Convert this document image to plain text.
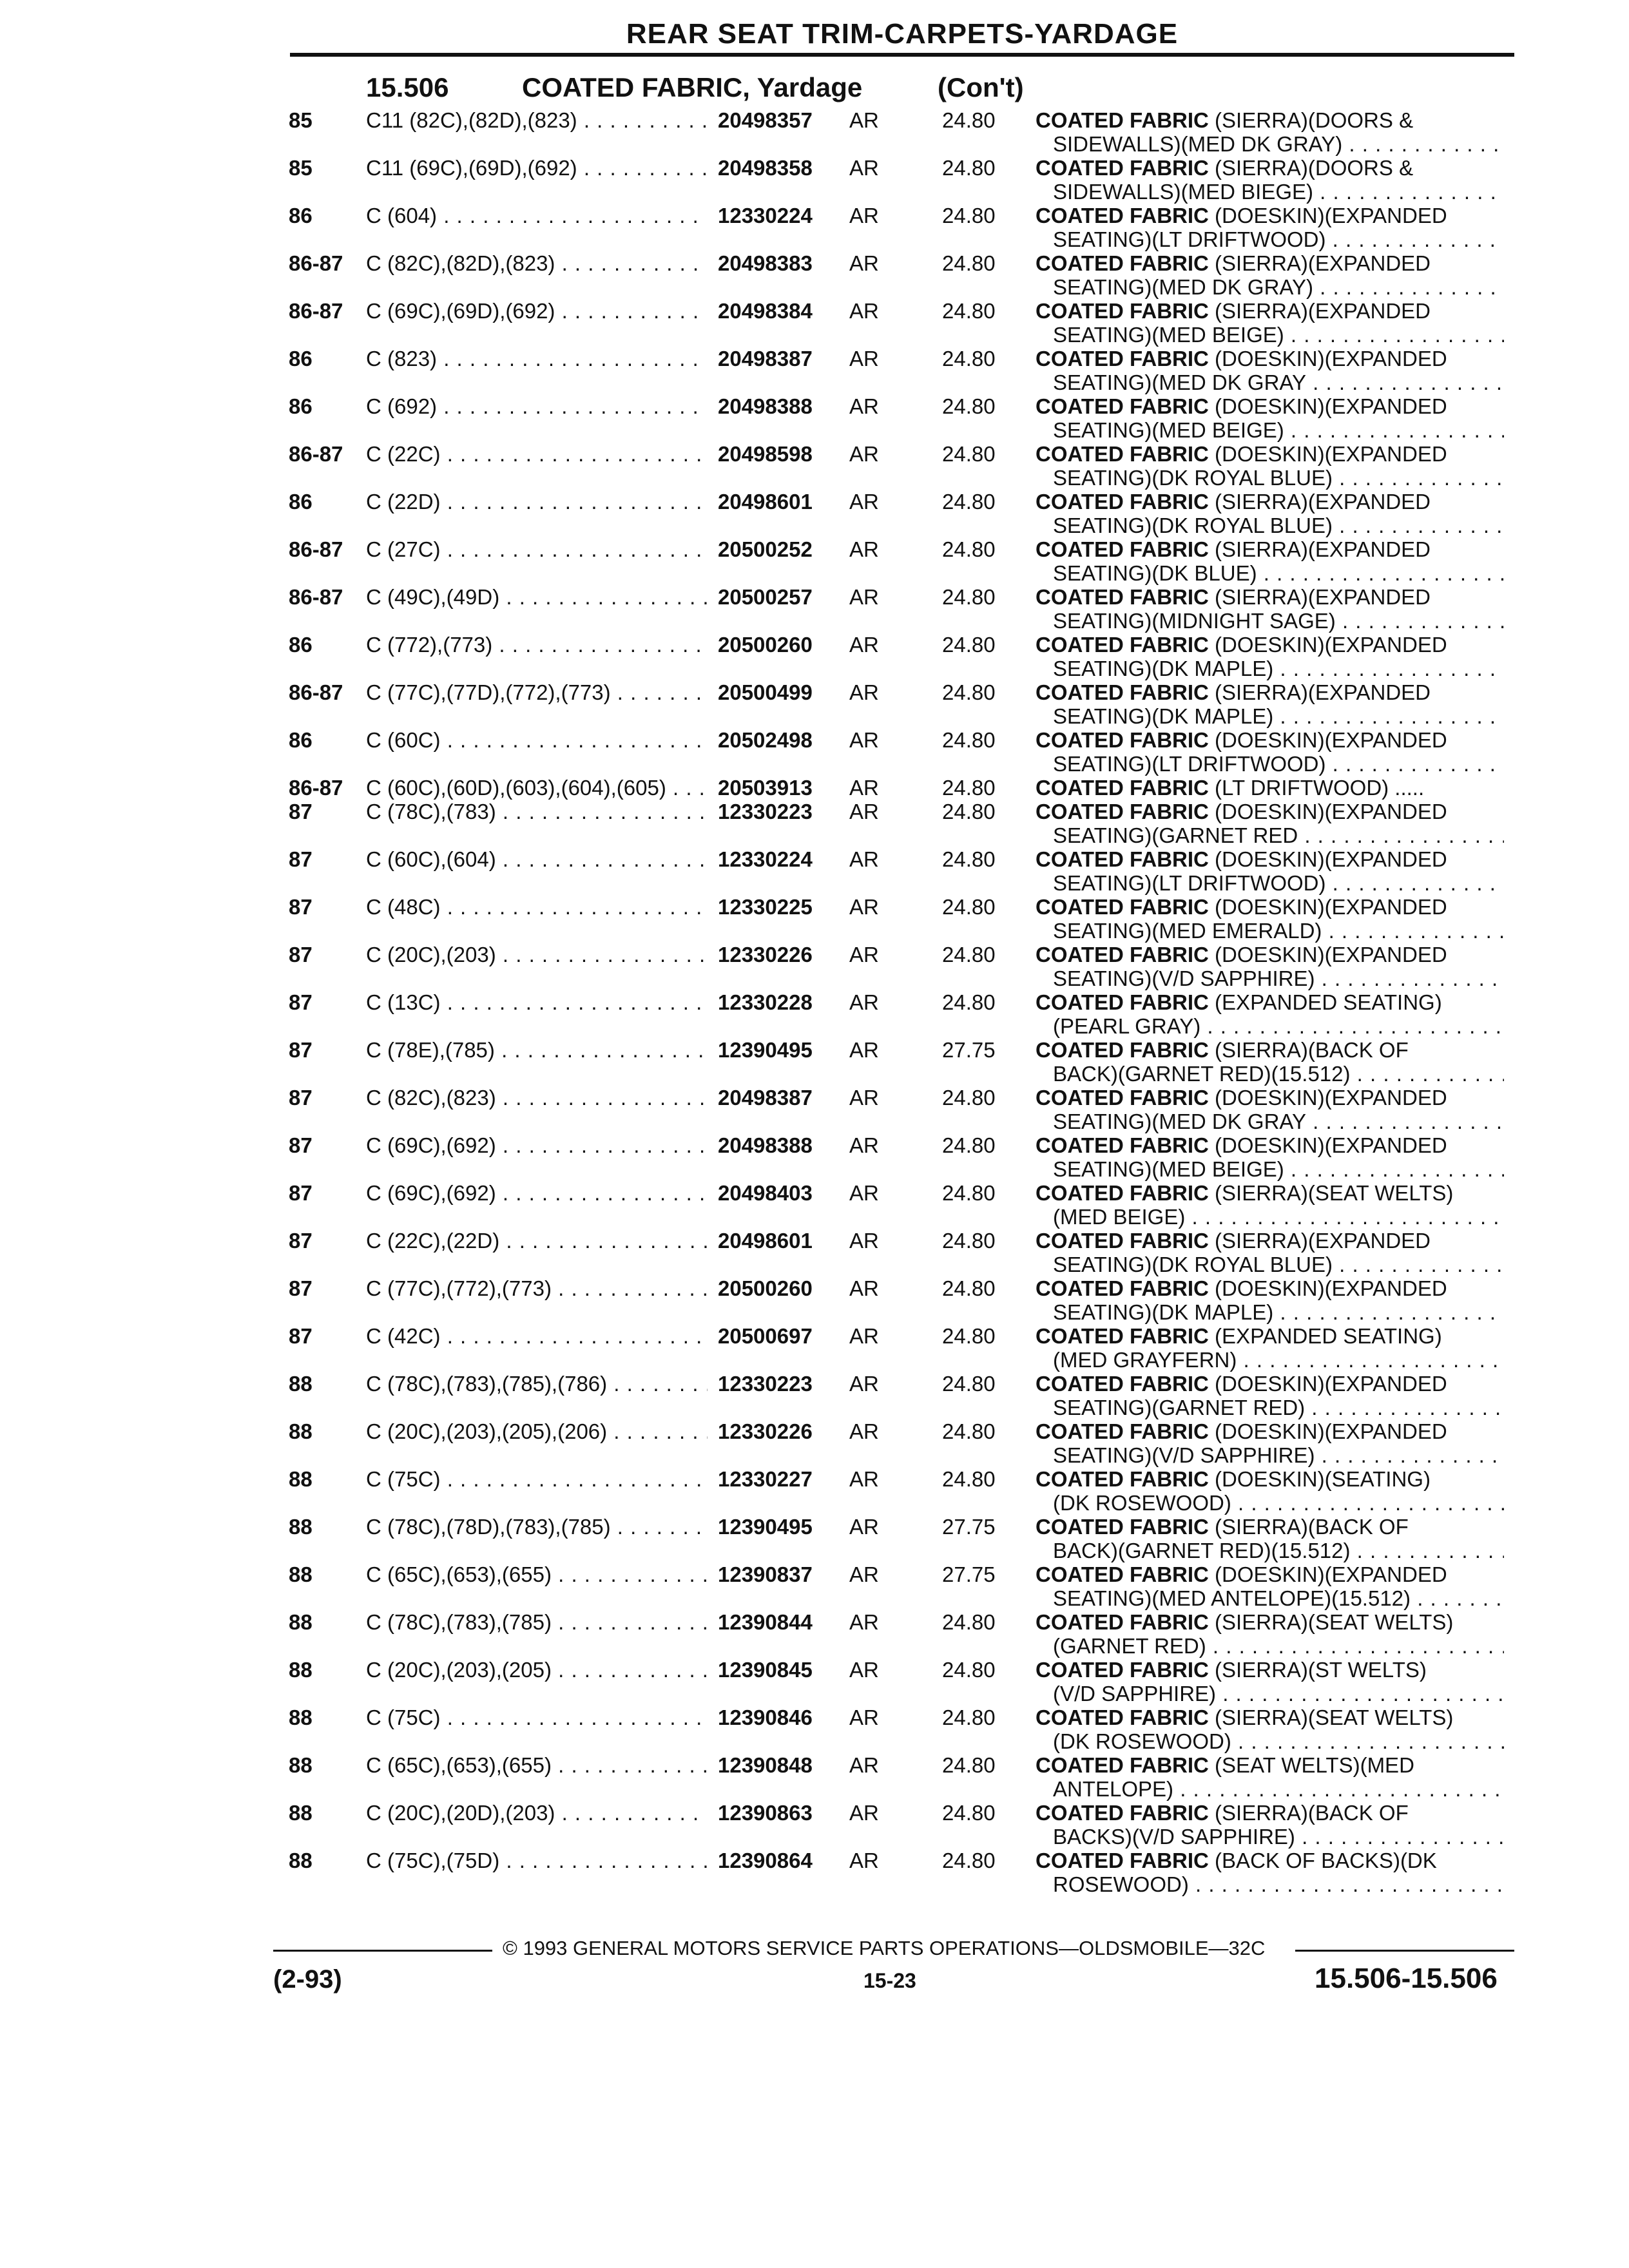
REAR SEAT TRIM-CARPETS-YARDAGE
15.506	COATED FABRIC, Yardage	(Con't)
85	C11 (82C),(82D),(823) . . .	20498357 AR	24.80 COATED FABRIC (SIERRA)(DOORS &
SIDEWALLS)(MED DK GRAY) . . .
85	C11 (69C),(69D),(692) . . .	20498358 AR	24.80 COATED FABRIC (SIERRA)(DOORS &
SIDEWALLS)(MED BIEGE) . . .
86	C (604) . . .	12330224 AR	24.80 COATED FABRIC (DOESKIN)(EXPANDED
SEATING)(LT DRIFTWOOD) . . .
86-87	C (82C),(82D),(823) . . .	20498383 AR	24.80 COATED FABRIC (SIERRA)(EXPANDED
SEATING)(MED DK GRAY) . . .
86-87	C (69C),(69D),(692) . . .	20498384 AR	24.80 COATED FABRIC (SIERRA)(EXPANDED
SEATING)(MED BEIGE) . . .
86	C (823) . . .	20498387 AR	24.80 COATED FABRIC (DOESKIN)(EXPANDED
SEATING)(MED DK GRAY . . .
86	C (692) . . .	20498388 AR	24.80 COATED FABRIC (DOESKIN)(EXPANDED
SEATING)(MED BEIGE) . . .
86-87	C (22C) . . .	20498598 AR	24.80 COATED FABRIC (DOESKIN)(EXPANDED
SEATING)(DK ROYAL BLUE) . . .
86	C (22D) . . .	20498601 AR	24.80 COATED FABRIC (SIERRA)(EXPANDED
SEATING)(DK ROYAL BLUE) . . .
86-87	C (27C) . . .	20500252 AR	24.80 COATED FABRIC (SIERRA)(EXPANDED
SEATING)(DK BLUE) . . .
86-87	C (49C),(49D) . . .	20500257 AR	24.80 COATED FABRIC (SIERRA)(EXPANDED
SEATING)(MIDNIGHT SAGE) . . .
86	C (772),(773) . . .	20500260 AR	24.80 COATED FABRIC (DOESKIN)(EXPANDED
SEATING)(DK MAPLE) . . .
86-87	C (77C),(77D),(772),(773) . . .	20500499 AR	24.80 COATED FABRIC (SIERRA)(EXPANDED
SEATING)(DK MAPLE) . . .
86	C (60C) . . .	20502498 AR	24.80 COATED FABRIC (DOESKIN)(EXPANDED
SEATING)(LT DRIFTWOOD) . . .
86-87	C (60C),(60D),(603),(604),(605) . . .	20503913 AR	24.80 COATED FABRIC (LT DRIFTWOOD) .....
87	C (78C),(783) . . .	12330223 AR	24.80 COATED FABRIC (DOESKIN)(EXPANDED
SEATING)(GARNET RED . . .
87	C (60C),(604) . . .	12330224 AR	24.80 COATED FABRIC (DOESKIN)(EXPANDED
SEATING)(LT DRIFTWOOD) . . .
87	C (48C) . . .	12330225 AR	24.80 COATED FABRIC (DOESKIN)(EXPANDED
SEATING)(MED EMERALD) . . .
87	C (20C),(203) . . .	12330226 AR	24.80 COATED FABRIC (DOESKIN)(EXPANDED
SEATING)(V/D SAPPHIRE) . . .
87	C (13C) . . .	12330228 AR	24.80 COATED FABRIC (EXPANDED SEATING)
(PEARL GRAY) . . .
87	C (78E),(785) . . .	12390495 AR	27.75 COATED FABRIC (SIERRA)(BACK OF
BACK)(GARNET RED)(15.512) . . .
87	C (82C),(823) . . .	20498387 AR	24.80 COATED FABRIC (DOESKIN)(EXPANDED
SEATING)(MED DK GRAY . . .
87	C (69C),(692) . . .	20498388 AR	24.80 COATED FABRIC (DOESKIN)(EXPANDED
SEATING)(MED BEIGE) . . .
87	C (69C),(692) . . .	20498403 AR	24.80 COATED FABRIC (SIERRA)(SEAT WELTS)
(MED BEIGE) . . .
87	C (22C),(22D) . . .	20498601 AR	24.80 COATED FABRIC (SIERRA)(EXPANDED
SEATING)(DK ROYAL BLUE) . . .
87	C (77C),(772),(773) . . .	20500260 AR	24.80 COATED FABRIC (DOESKIN)(EXPANDED
SEATING)(DK MAPLE) . . .
87	C (42C) . . .	20500697 AR	24.80 COATED FABRIC (EXPANDED SEATING)
(MED GRAYFERN) . . .
88	C (78C),(783),(785),(786) . . .	12330223 AR	24.80 COATED FABRIC (DOESKIN)(EXPANDED
SEATING)(GARNET RED) . . .
88	C (20C),(203),(205),(206) . . .	12330226 AR	24.80 COATED FABRIC (DOESKIN)(EXPANDED
SEATING)(V/D SAPPHIRE) . . .
88	C (75C) . . .	12330227 AR	24.80 COATED FABRIC (DOESKIN)(SEATING)
(DK ROSEWOOD) . . .
88	C (78C),(78D),(783),(785) . . .	12390495 AR	27.75 COATED FABRIC (SIERRA)(BACK OF
BACK)(GARNET RED)(15.512) . . .
88	C (65C),(653),(655) . . .	12390837 AR	27.75 COATED FABRIC (DOESKIN)(EXPANDED
SEATING)(MED ANTELOPE)(15.512) . . .
88	C (78C),(783),(785) . . .	12390844 AR	24.80 COATED FABRIC (SIERRA)(SEAT WELTS)
(GARNET RED) . . .
88	C (20C),(203),(205) . . .	12390845 AR	24.80 COATED FABRIC (SIERRA)(ST WELTS)
(V/D SAPPHIRE) . . .
88	C (75C) . . .	12390846 AR	24.80 COATED FABRIC (SIERRA)(SEAT WELTS)
(DK ROSEWOOD) . . .
88	C (65C),(653),(655) . . .	12390848 AR	24.80 COATED FABRIC (SEAT WELTS)(MED
ANTELOPE) . . .
88	C (20C),(20D),(203) . . .	12390863 AR	24.80 COATED FABRIC (SIERRA)(BACK OF
BACKS)(V/D SAPPHIRE) . . .
88	C (75C),(75D) . . .	12390864 AR	24.80 COATED FABRIC (BACK OF BACKS)(DK
ROSEWOOD) . . .
© 1993 GENERAL MOTORS SERVICE PARTS OPERATIONS—OLDSMOBILE—32C
(2-93)	15-23	15.506-15.506
